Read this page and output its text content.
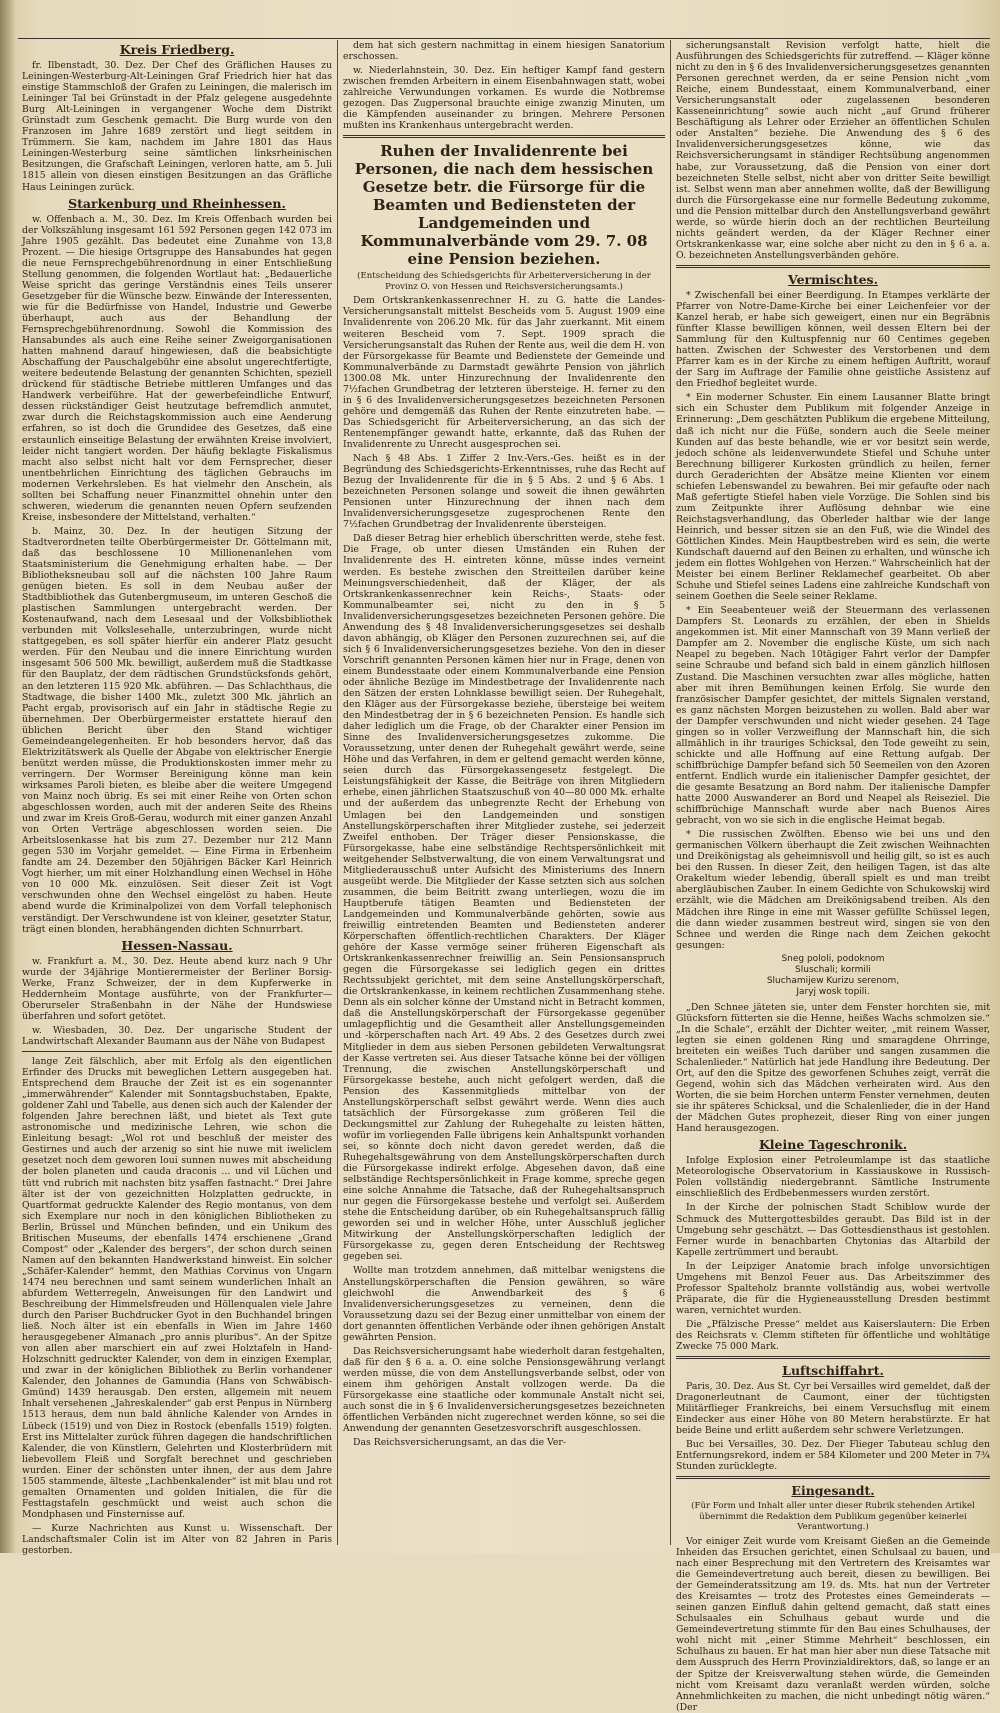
Kreis Friedberg.

fr. Ilbenstadt, 30. Dez. Der Chef des Gräflichen Hauses zu Leiningen-Westerburg-Alt-Leiningen Graf Friedrich hier hat das einstige Stammschloß der Grafen zu Leiningen, die malerisch im Leininger Tal bei Grünstadt in der Pfalz gelegene ausgedehnte Burg Alt-Leiningen in vergangener Woche dem Distrikt Grünstadt zum Geschenk gemacht. Die Burg wurde von den Franzosen im Jahre 1689 zerstört und liegt seitdem in Trümmern. Sie kam, nachdem im Jahre 1801 das Haus Leiningen-Westerburg seine sämtlichen linksrheinischen Besitzungen, die Grafschaft Leiningen, verloren hatte, am 5. Juli 1815 allein von diesen einstigen Besitzungen an das Gräfliche Haus Leiningen zurück.

Starkenburg und Rheinhessen.

w. Offenbach a. M., 30. Dez. Im Kreis Offenbach wurden bei der Volkszählung insgesamt 161 592 Personen gegen 142 073 im Jahre 1905 gezählt. Das bedeutet eine Zunahme von 13,8 Prozent. — Die hiesige Ortsgruppe des Hansabundes hat gegen die neue Fernsprechgebührenordnung in einer Entschließung Stellung genommen, die folgenden Wortlaut hat: „Bedauerliche Weise spricht das geringe Verständnis eines Teils unserer Gesetzgeber für die Wünsche bezw. Einwände der Interessenten, wie für die Bedürfnisse von Handel, Industrie und Gewerbe überhaupt, auch aus der Behandlung der Fernsprechgebührenordnung. Sowohl die Kommission des Hansabundes als auch eine Reihe seiner Zweigorganisationen hatten mahnend darauf hingewiesen, daß die beabsichtigte Abschaffung der Pauschalgebühr eine absolut ungerechtfertigte, weitere bedeutende Belastung der genannten Schichten, speziell drückend für städtische Betriebe mittleren Umfanges und das Handwerk verbeiführe. Hat der gewerbefeindliche Entwurf, dessen rückständiger Geist heutzutage befremdlich anmutet, zwar durch die Reichstagskommission auch eine Aenderung erfahren, so ist doch die Grundidee des Gesetzes, daß eine erstaunlich einseitige Belastung der erwähnten Kreise involviert, leider nicht tangiert worden. Der häufig beklagte Fiskalismus macht also selbst nicht halt vor dem Fernsprecher, dieser unentbehrlichen Einrichtung des täglichen Gebrauchs im modernen Verkehrsleben. Es hat vielmehr den Anschein, als sollten bei Schaffung neuer Finanzmittel ohnehin unter den schweren, wiederum die genannten neuen Opfern seufzenden Kreise, insbesondere der Mittelstand, verhalten.“

b. Mainz, 30. Dez. In der heutigen Sitzung der Stadtverordneten teilte Oberbürgermeister Dr. Göttelmann mit, daß das beschlossene 10 Millionenanlehen vom Staatsministerium die Genehmigung erhalten habe. — Der Bibliotheksneubau soll auf die nächsten 100 Jahre Raum genügen bieten. Es soll in dem Neubau außer der Stadtbibliothek das Gutenbergmuseum, im unteren Geschoß die plastischen Sammlungen untergebracht werden. Der Kostenaufwand, nach dem Lesesaal und der Volksbibliothek verbunden mit Volkslesehalle, unterzubringen, wurde nicht stattgegeben, es soll später hierfür ein anderer Platz gesucht werden. Für den Neubau und die innere Einrichtung wurden insgesamt 506 500 Mk. bewilligt, außerdem muß die Stadtkasse für den Bauplatz, der dem rädtischen Grundstücksfonds gehört, an den letzteren 115 920 Mk. abführen. — Das Schlachthaus, die Stadtwage, die bisher 1400 Mk., zuletzt 300 Mk. jährlich an Pacht ergab, provisorisch auf ein Jahr in städtische Regie zu übernehmen. Der Oberbürgermeister erstattete hierauf den üblichen Bericht über den Stand wichtiger Gemeindeangelegenheiten. Er hob besonders hervor, daß das Elektrizitätswerk als Quelle der Abgabe von elektrischer Energie benützt werden müsse, die Produktionskosten immer mehr zu verringern. Der Wormser Bereinigung könne man kein wirksames Paroli bieten, es bleibe aber die weitere Umgegend von Mainz noch übrig. Es sei mit einer Reihe von Orten schon abgeschlossen worden, auch mit der anderen Seite des Rheins und zwar im Kreis Groß-Gerau, wodurch mit einer ganzen Anzahl von Orten Verträge abgeschlossen worden seien. Die Arbeitslosenkasse hat bis zum 27. Dezember nur 212 Mann gegen 530 im Vorjahr gemeldet. — Eine Firma in Erbenheim fandte am 24. Dezember den 50jährigen Bäcker Karl Heinrich Vogt hierher, um mit einer Holzhandlung einen Wechsel in Höhe von 10 000 Mk. einzulösen. Seit dieser Zeit ist Vogt verschwunden ohne den Wechsel eingelöst zu haben. Heute abend wurde die Kriminalpolizei von dem Vorfall telephonisch verständigt. Der Verschwundene ist von kleiner, gesetzter Statur, trägt einen blonden, herabhängenden dichten Schnurrbart.

Hessen-Nassau.

w. Frankfurt a. M., 30. Dez. Heute abend kurz nach 9 Uhr wurde der 34jährige Montierermeister der Berliner Borsig-Werke, Franz Schweizer, der in dem Kupferwerke in Heddernheim Montage ausführte, von der Frankfurter—Oberurseler Straßenbahn in der Nähe der Hundswiese überfahren und sofort getötet.

w. Wiesbaden, 30. Dez. Der ungarische Student der Landwirtschaft Alexander Baumann aus der Nähe von Budapest

lange Zeit fälschlich, aber mit Erfolg als den eigentlichen Erfinder des Drucks mit beweglichen Lettern ausgegeben hat. Entsprechend dem Brauche der Zeit ist es ein sogenannter „immerwährender“ Kalender mit Sonntagsbuchstaben, Epakte, goldener Zahl und Tabelle, aus denen sich auch der Kalender der folgenden Jahre berechnen läßt, und bietet als Text gute astronomische und medizinische Lehren, wie schon die Einleitung besagt: „Wol rot und beschluß der meister des Gestirnes und auch der arzenig so sint hie nuwe mit iweliclem gesetzet noch dem geworen loui sunnen nuwes mit abscheidung der bolen planeten und cauda draconis ... und vil Lüchen und tütt vnd rubrich mit nachsten bitz ysaffen fastnacht.“ Drei Jahre älter ist der von gezeichnitten Holzplatten gedruckte, in Quartformat gedruckte Kalender des Regio montanus, von dem sich Exemplare nur noch in den königlichen Bibliotheken zu Berlin, Brüssel und München befinden, und ein Unikum des Britischen Museums, der ebenfalls 1474 erschienene „Grand Compost“ oder „Kalender des bergers“, der schon durch seinen Namen auf den bekannten Handwerkstand hinweist. Ein solcher „Schäfer-Kalender“ hemmt, den Mathias Corvinus von Ungarn 1474 neu berechnen und samt seinem wunderlichen Inhalt an abfurdem Wetterregeln, Anweisungen für den Landwirt und Beschreibung der Himmelsfreuden und Höllenqualen viele Jahre durch den Pariser Buchdrucker Gyot in den Buchhandel bringen ließ. Noch älter ist ein ebenfalls in Wien im Jahre 1460 herausgegebener Almanach „pro annis pluribus“. An der Spitze von allen aber marschiert ein auf zwei Holztafeln in Hand-Holzschnitt gedruckter Kalender, von dem in einzigen Exemplar, und zwar in der königlichen Bibliothek zu Berlin vorhandener Kalender, den Johannes de Gamundia (Hans von Schwäbisch-Gmünd) 1439 herausgab. Den ersten, allgemein mit neuem Inhalt versehenen „Jahreskalender“ gab erst Penpus in Nürnberg 1513 heraus, dem nun bald ähnliche Kalender von Arndes in Lübeck (1519) und von Diez in Rostock (ebenfalls 1519) folgten. Erst ins Mittelalter zurück führen dagegen die handschriftlichen Kalender, die von Künstlern, Gelehrten und Klosterbrüdern mit liebevollem Fleiß und Sorgfalt berechnet und geschrieben wurden. Einer der schönsten unter ihnen, der aus dem Jahre 1505 stammende, älteste „Lachbenkalender“ ist mit blau und rot gemalten Ornamenten und golden Initialen, die für die Festtagstafeln geschmückt und weist auch schon die Mondphasen und Finsternisse auf.

— Kurze Nachrichten aus Kunst u. Wissenschaft. Der Landschaftsmaler Colin ist im Alter von 82 Jahren in Paris gestorben.

dem hat sich gestern nachmittag in einem hiesigen Sanatorium erschossen.

w. Niederlahnstein, 30. Dez. Ein heftiger Kampf fand gestern zwischen fremden Arbeitern in einem Eisenbahnwagen statt, wobei zahlreiche Verwundungen vorkamen. Es wurde die Notbremse gezogen. Das Zugpersonal brauchte einige zwanzig Minuten, um die Kämpfenden auseinander zu bringen. Mehrere Personen mußten ins Krankenhaus untergebracht werden.

Ruhen der Invalidenrente bei Personen, die nach dem hessischen Gesetze betr. die Fürsorge für die Beamten und Bediensteten der Landgemeinden und Kommunalverbände vom 29. 7. 08 eine Pension beziehen.
(Entscheidung des Schiedsgerichts für Arbeiterversicherung in der Provinz O. von Hessen und Reichsversicherungsamts.)

Dem Ortskrankenkassenrechner H. zu G. hatte die Landes-Versicherungsanstalt mittelst Bescheids vom 5. August 1909 eine Invalidenrente von 206.20 Mk. für das Jahr zuerkannt. Mit einem weiteren Bescheid vom 7. Sept. 1909 sprach die Versicherungsanstalt das Ruhen der Rente aus, weil die dem H. von der Fürsorgekasse für Beamte und Bedienstete der Gemeinde und Kommunalverbände zu Darmstadt gewährte Pension von jährlich 1300.08 Mk. unter Hinzurechnung der Invalidenrente den 7½fachen Grundbetrag der letzteren übersteige. H. ferner zu den in § 6 des Invalidenversicherungsgesetzes bezeichneten Personen gehöre und demgemäß das Ruhen der Rente einzutreten habe. — Das Schiedsgericht für Arbeiterversicherung, an das sich der Rentenempfänger gewandt hatte, erkannte, daß das Ruhen der Invalidenrente zu Unrecht ausgesprochen sei.

Nach § 48 Abs. 1 Ziffer 2 Inv.-Vers.-Ges. heißt es in der Begründung des Schiedsgerichts-Erkenntnisses, ruhe das Recht auf Bezug der Invalidenrente für die in § 5 Abs. 2 und § 6 Abs. 1 bezeichneten Personen solange und soweit die ihnen gewährten Pensionen unter Hinzurechnung der ihnen nach dem Invalidenversicherungsgesetze zugesprochenen Rente den 7½fachen Grundbetrag der Invalidenrente übersteigen.

Daß dieser Betrag hier erheblich überschritten werde, stehe fest. Die Frage, ob unter diesen Umständen ein Ruhen der Invalidenrente des H. eintreten könne, müsse indes verneint werden. Es bestehe zwischen den Streitteilen darüber keine Meinungsverschiedenheit, daß der Kläger, der als Ortskrankenkassenrechner kein Reichs-, Staats- oder Kommunalbeamter sei, nicht zu den in § 5 Invalidenversicherungsgesetzes bezeichneten Personen gehöre. Die Anwendung des § 48 Invalidenversicherungsgesetzes sei deshalb davon abhängig, ob Kläger den Personen zuzurechnen sei, auf die sich § 6 Invalidenversicherungsgesetzes beziehe. Von den in dieser Vorschrift genannten Personen kämen hier nur in Frage, denen von einem Bundesstaate oder einem Kommunalverbande eine Pension oder ähnliche Bezüge im Mindestbetrage der Invalidenrente nach den Sätzen der ersten Lohnklasse bewilligt seien. Der Ruhegehalt, den Kläger aus der Fürsorgekasse beziehe, übersteige bei weitem den Mindestbetrag der in § 6 bezeichneten Pension. Es handle sich daher lediglich um die Frage, ob der Charakter einer Pension im Sinne des Invalidenversicherungsgesetzes zukomme. Die Voraussetzung, unter denen der Ruhegehalt gewährt werde, seine Höhe und das Verfahren, in dem er geltend gemacht werden könne, seien durch das Fürsorgekassengesetz festgelegt. Die Leistungsfähigkeit der Kasse, die Beiträge von ihren Mitgliedern erhebe, einen jährlichen Staatszuschuß von 40—80 000 Mk. erhalte und der außerdem das unbegrenzte Recht der Erhebung von Umlagen bei den Landgemeinden und sonstigen Anstellungskörperschaften ihrer Mitglieder zustehe, sei jederzeit Zweifel enthoben. Der Träger dieser Pensionskasse, die Fürsorgekasse, habe eine selbständige Rechtspersönlichkeit mit weitgehender Selbstverwaltung, die von einem Verwaltungsrat und Mitgliederausschuß unter Aufsicht des Ministeriums des Innern ausgeübt werde. Die Mitglieder der Kasse setzten sich aus solchen zusammen, die beim Beitritt zwang unterliegen, wozu die im Hauptberufe tätigen Beamten und Bediensteten der Landgemeinden und Kommunalverbände gehörten, sowie aus freiwillig eintretenden Beamten und Bediensteten anderer Körperschaften öffentlich-rechtlichen Charakters. Der Kläger gehöre der Kasse vermöge seiner früheren Eigenschaft als Ortskrankenkassenrechner freiwillig an. Sein Pensionsanspruch gegen die Fürsorgekasse sei lediglich gegen ein drittes Rechtssubjekt gerichtet, mit dem seine Anstellungskörperschaft, die Ortskrankenkasse, in keinem rechtlichen Zusammenhang stehe. Denn als ein solcher könne der Umstand nicht in Betracht kommen, daß die Anstellungskörperschaft der Fürsorgekasse gegenüber umlagepflichtig und die Gesamtheit aller Anstellungsgemeinden und -körperschaften nach Art. 49 Abs. 2 des Gesetzes durch zwei Mitglieder in dem aus sieben Personen gebildeten Verwaltungsrat der Kasse vertreten sei. Aus dieser Tatsache könne bei der völligen Trennung, die zwischen Anstellungskörperschaft und Fürsorgekasse bestehe, auch nicht gefolgert werden, daß die Pension des Kassenmitglieds mittelbar von der Anstellungskörperschaft selbst gewährt werde. Wenn dies auch tatsächlich der Fürsorgekasse zum größeren Teil die Deckungsmittel zur Zahlung der Ruhegehalte zu leisten hätten, wofür im vorliegenden Falle übrigens kein Anhaltspunkt vorhanden sei, so könnte doch nicht davon geredet werden, daß die Ruhegehaltsgewährung von dem Anstellungskörperschaften durch die Fürsorgekasse indirekt erfolge. Abgesehen davon, daß eine selbständige Rechtspersönlichkeit in Frage komme, spreche gegen eine solche Annahme die Tatsache, daß der Ruhegehaltsanspruch nur gegen die Fürsorgekasse bestehe und verfolgt sei. Außerdem stehe die Entscheidung darüber, ob ein Ruhegehaltsanspruch fällig geworden sei und in welcher Höhe, unter Ausschluß jeglicher Mitwirkung der Anstellungskörperschaften lediglich der Fürsorgekasse zu, gegen deren Entscheidung der Rechtsweg gegeben sei.

Wollte man trotzdem annehmen, daß mittelbar wenigstens die Anstellungskörperschaften die Pension gewähren, so wäre gleichwohl die Anwendbarkeit des § 6 Invalidenversicherungsgesetzes zu verneinen, denn die Voraussetzung dazu sei der Bezug einer unmittelbar von einem der dort genannten öffentlichen Verbände oder ihnen gehörigen Anstalt gewährten Pension.

Das Reichsversicherungsamt habe wiederholt daran festgehalten, daß für den § 6 a. a. O. eine solche Pensionsgewährung verlangt werden müsse, die von dem Anstellungsverbande selbst, oder von einem ihm gehörigen Anstalt vollzogen werde. Da die Fürsorgekasse eine staatliche oder kommunale Anstalt nicht sei, auch sonst die in § 6 Invalidenversicherungsgesetzes bezeichneten öffentlichen Verbänden nicht zugerechnet werden könne, so sei die Anwendung der genannten Gesetzesvorschrift ausgeschlossen.

Das Reichsversicherungsamt, an das die Ver-

sicherungsanstalt Revision verfolgt hatte, hielt die Ausführungen des Schiedsgerichts für zutreffend. — Kläger könne nicht zu den in § 6 des Invalidenversicherungsgesetzes genannten Personen gerechnet werden, da er seine Pension nicht „vom Reiche, einem Bundesstaat, einem Kommunalverband, einer Versicherungsanstalt oder zugelassenen besonderen Kasseneinrichtung“ sowie auch nicht „auf Grund früherer Beschäftigung als Lehrer oder Erzieher an öffentlichen Schulen oder Anstalten“ beziehe. Die Anwendung des § 6 des Invalidenversicherungsgesetzes könne, wie das Reichsversicherungsamt in ständiger Rechtsübung angenommen habe, zur Voraussetzung, daß die Pension von einer dort bezeichneten Stelle selbst, nicht aber von dritter Seite bewilligt ist. Selbst wenn man aber annehmen wollte, daß der Bewilligung durch die Fürsorgekasse eine nur formelle Bedeutung zukomme, und die Pension mittelbar durch den Anstellungsverband gewährt werde, so würde hierin doch an der rechtlichen Beurteilung nichts geändert werden, da der Kläger Rechner einer Ortskrankenkasse war, eine solche aber nicht zu den in § 6 a. a. O. bezeichneten Anstellungsverbänden gehöre.

Vermischtes.

* Zwischenfall bei einer Beerdigung. In Etampes verklärte der Pfarrer von Notre-Dame-Kirche bei einer Leichenfeier vor der Kanzel herab, er habe sich geweigert, einen nur ein Begräbnis fünfter Klasse bewilligen können, weil dessen Eltern bei der Sammlung für den Kultuspfennig nur 60 Centimes gegeben hatten. Zwischen der Schwester des Verstorbenen und dem Pfarrer kam es in der Kirche zu einem heftigen Auftritt, worauf der Sarg im Auftrage der Familie ohne geistliche Assistenz auf den Friedhof begleitet wurde.

* Ein moderner Schuster. Ein einem Lausanner Blatte bringt sich ein Schuster dem Publikum mit folgender Anzeige in Erinnerung: „Dem geschätzten Publikum die ergebene Mitteilung, daß ich nicht nur die Füße, sondern auch die Seele meiner Kunden auf das beste behandle, wie er vor besitzt sein werde, jedoch schöne als leidenverwundete Stiefel und Schuhe unter Berechnung billigerer Kurkosten gründlich zu heilen, ferner durch Geraderichten der Absätze meine Klienten vor einem schiefen Lebenswandel zu bewahren. Bei mir gefaufte oder nach Maß gefertigte Stiefel haben viele Vorzüge. Die Sohlen sind bis zum Zeitpunkte ihrer Auflösung dehnbar wie eine Reichstagsverhandlung, das Oberleder haltbar wie der lange Heinrich, und besser sitzen sie an den Fuß, wie die Windel des Göttlichen Kindes. Mein Hauptbestreben wird es sein, die werte Kundschaft dauernd auf den Beinen zu erhalten, und wünsche ich jedem ein flottes Wohlgehen von Herzen.“ Wahrscheinlich hat der Meister bei einem Berliner Reklamechef gearbeitet. Ob aber Schuhe und Stiefel seines Ladens eine zahlreiche Kundschaft von seinem Goethen die Seele seiner Reklame.

* Ein Seeabenteuer weiß der Steuermann des verlassenen Dampfers St. Leonards zu erzählen, der eben in Shields angekommen ist. Mit einer Mannschaft von 39 Mann verließ der Dampfer am 2. November die englische Küste, um sich nach Neapel zu begeben. Nach 10tägiger Fahrt verlor der Dampfer seine Schraube und befand sich bald in einem gänzlich hilflosen Zustand. Die Maschinen versuchten zwar alles mögliche, hatten aber mit ihren Bemühungen keinen Erfolg. Sie wurde den französischer Dampfer gesichtet, der mittels Signalen verstand, es ganz nächsten Morgen beizustehen zu wollen. Bald aber war der Dampfer verschwunden und nicht wieder gesehen. 24 Tage gingen so in voller Verzweiflung der Mannschaft hin, die sich allmählich in ihr trauriges Schicksal, den Tode geweiht zu sein, schickte und alle Hoffnung auf eine Rettung aufgab. Der schiffbrüchige Dampfer befand sich 50 Seemeilen von den Azoren entfernt. Endlich wurde ein italienischer Dampfer gesichtet, der die gesamte Besatzung an Bord nahm. Der italienische Dampfer hatte 2000 Auswanderer an Bord und Neapel als Reiseziel. Die schiffbrüchige Mannschaft wurde aber nach Buenos Aires gebracht, von wo sie sich in die englische Heimat begab.

* Die russischen Zwölften. Ebenso wie bei uns und den germanischen Völkern überhaupt die Zeit zwischen Weihnachten und Dreikönigstag als geheimnisvoll und heilig gilt, so ist es auch bei den Russen. In dieser Zeit, den heiligen Tagen, ist das alte Orakeltum wieder lebendig, überall spielt es und man treibt abergläubischen Zauber. In einem Gedichte von Schukowskij wird erzählt, wie die Mädchen am Dreikönigsabend treiben. Als den Mädchen ihre Ringe in eine mit Wasser gefüllte Schüssel legen, die dann wieder zusammen bestreut wird, singen sie von den Schnee und werden die Ringe nach dem Zeichen gekocht gesungen:

Sneg pololi, podoknom
Sluschali; kormili
Sluchamijew Kurizu serenom,
Jaryj wosk topili.

„Den Schnee jäteten sie, unter dem Fenster horchten sie, mit Glücksforn fütterten sie die Henne, heißes Wachs schmolzen sie.“ „In die Schale“, erzählt der Dichter weiter, „mit reinem Wasser, legten sie einen goldenen Ring und smaragdene Ohrringe, breiteten ein weißes Tuch darüber und sangen zusammen die Schalenlieder.“ Natürlich hat jede Handlung ihre Bedeutung. Der Ort, auf den die Spitze des geworfenen Schuhes zeigt, verrät die Gegend, wohin sich das Mädchen verheiraten wird. Aus den Worten, die sie beim Horchen unterm Fenster vernehmen, deuten sie ihr späteres Schicksal, und die Schalenlieder, die in der Hand der Mädchen Gutes prophezeit, dieser Ring von einer jungen Hand herausgezogen.

Kleine Tageschronik.

Infolge Explosion einer Petroleumlampe ist das staatliche Meteorologische Observatorium in Kassiauskowe in Russisch-Polen vollständig niedergebrannt. Sämtliche Instrumente einschließlich des Erdbebenmessers wurden zerstört.

In der Kirche der polnischen Stadt Schiblow wurde der Schmuck des Muttergottesbildes geraubt. Das Bild ist in der Umgebung sehr geschätzt. — Das Gottesdiensthaus ist gestohlen. Ferner wurde in benachbarten Chytonias das Altarbild der Kapelle zertrümmert und beraubt.

In der Leipziger Anatomie brach infolge unvorsichtigen Umgehens mit Benzol Feuer aus. Das Arbeitszimmer des Professor Spalteholz brannte vollständig aus, wobei wertvolle Präparate, die für die Hygieneausstellung Dresden bestimmt waren, vernichtet wurden.

Die „Pfälzische Presse“ meldet aus Kaiserslautern: Die Erben des Reichsrats v. Clemm stifteten für öffentliche und wohltätige Zwecke 75 000 Mark.

Luftschiffahrt.

Paris, 30. Dez. Aus St. Cyr bei Versailles wird gemeldet, daß der Dragonerleutnant de Caumont, einer der tüchtigsten Militärflieger Frankreichs, bei einem Versuchsflug mit einem Eindecker aus einer Höhe von 80 Metern herabstürzte. Er hat beide Beine und erlitt außerdem sehr schwere Verletzungen.

Buc bei Versailles, 30. Dez. Der Flieger Tabuteau schlug den Entfernungsrekord, indem er 584 Kilometer und 200 Meter in 7¾ Stunden zurücklegte.

Eingesandt.
(Für Form und Inhalt aller unter dieser Rubrik stehenden Artikel übernimmt die Redaktion dem Publikum gegenüber keinerlei Verantwortung.)

Vor einiger Zeit wurde vom Kreisamt Gießen an die Gemeinde Inheiden das Ersuchen gerichtet, einen Schulsaal zu bauen, und nach einer Besprechung mit den Vertretern des Kreisamtes war die Gemeindevertretung auch bereit, diesen zu bewilligen. Bei der Gemeinderatssitzung am 19. ds. Mts. hat nun der Vertreter des Kreisamtes — trotz des Protestes eines Gemeinderats — seinen ganzen Einfluß dahin geltend gemacht, daß statt eines Schulsaales ein Schulhaus gebaut wurde und die Gemeindevertretung stimmte für den Bau eines Schulhauses, der wohl nicht mit „einer Stimme Mehrheit“ beschlossen, ein Schulhaus zu bauen. Er hat man hier aber nun diese Tatsache mit dem Ausspruch des Herrn Provinzialdirektors, daß, so lange er an der Spitze der Kreisverwaltung stehen würde, die Gemeinden nicht vom Kreisamt dazu veranlaßt werden würden, solche Annehmlichkeiten zu machen, die nicht unbedingt nötig wären.“ (Der
